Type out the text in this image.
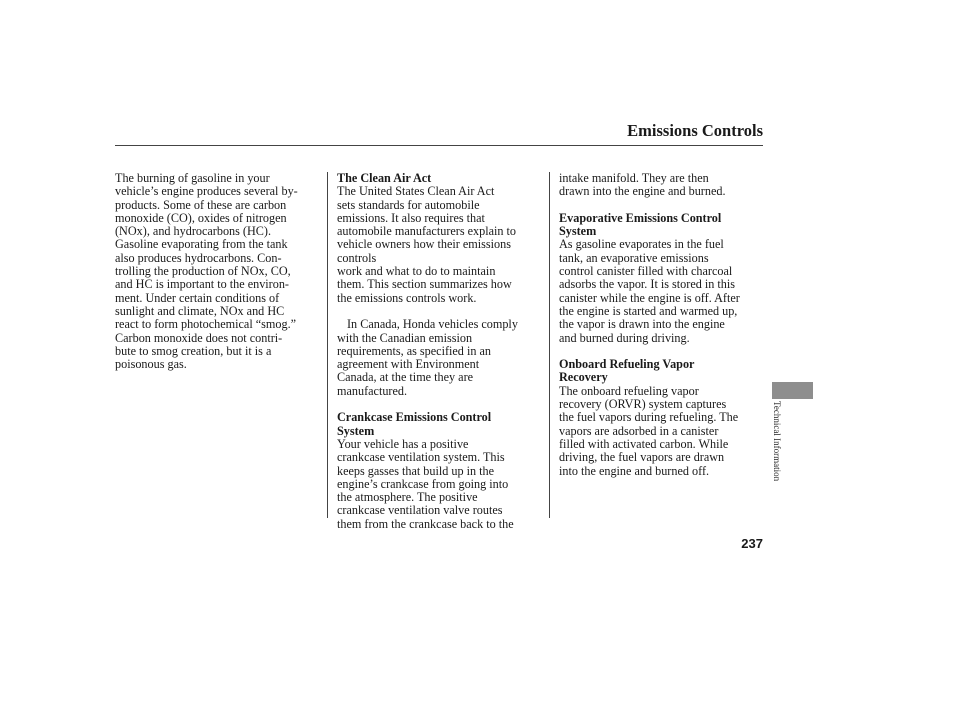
Emissions Controls

The burning of gasoline in your
vehicle’s engine produces several by-
products. Some of these are carbon
monoxide (CO), oxides of nitrogen
(NOx), and hydrocarbons (HC).
Gasoline evaporating from the tank
also produces hydrocarbons. Con-
trolling the production of NOx, CO,
and HC is important to the environ-
ment. Under certain conditions of
sunlight and climate, NOx and HC
react to form photochemical “smog.”
Carbon monoxide does not contri-
bute to smog creation, but it is a
poisonous gas.

The Clean Air Act

The United States Clean Air Act
sets standards for automobile
emissions. It also requires that
automobile manufacturers explain to
vehicle owners how their emissions controls
work and what to do to maintain
them. This section summarizes how
the emissions controls work.

In Canada, Honda vehicles comply
with the Canadian emission
requirements, as specified in an
agreement with Environment
Canada, at the time they are
manufactured.

Crankcase Emissions Control
System

Your vehicle has a positive
crankcase ventilation system. This
keeps gasses that build up in the
engine’s crankcase from going into
the atmosphere. The positive
crankcase ventilation valve routes
them from the crankcase back to the

intake manifold. They are then
drawn into the engine and burned.

Evaporative Emissions Control
System

As gasoline evaporates in the fuel
tank, an evaporative emissions
control canister filled with charcoal
adsorbs the vapor. It is stored in this
canister while the engine is off. After
the engine is started and warmed up,
the vapor is drawn into the engine
and burned during driving.

Onboard Refueling Vapor
Recovery

The onboard refueling vapor
recovery (ORVR) system captures
the fuel vapors during refueling. The
vapors are adsorbed in a canister
filled with activated carbon. While
driving, the fuel vapors are drawn
into the engine and burned off.	Technical Information
237
